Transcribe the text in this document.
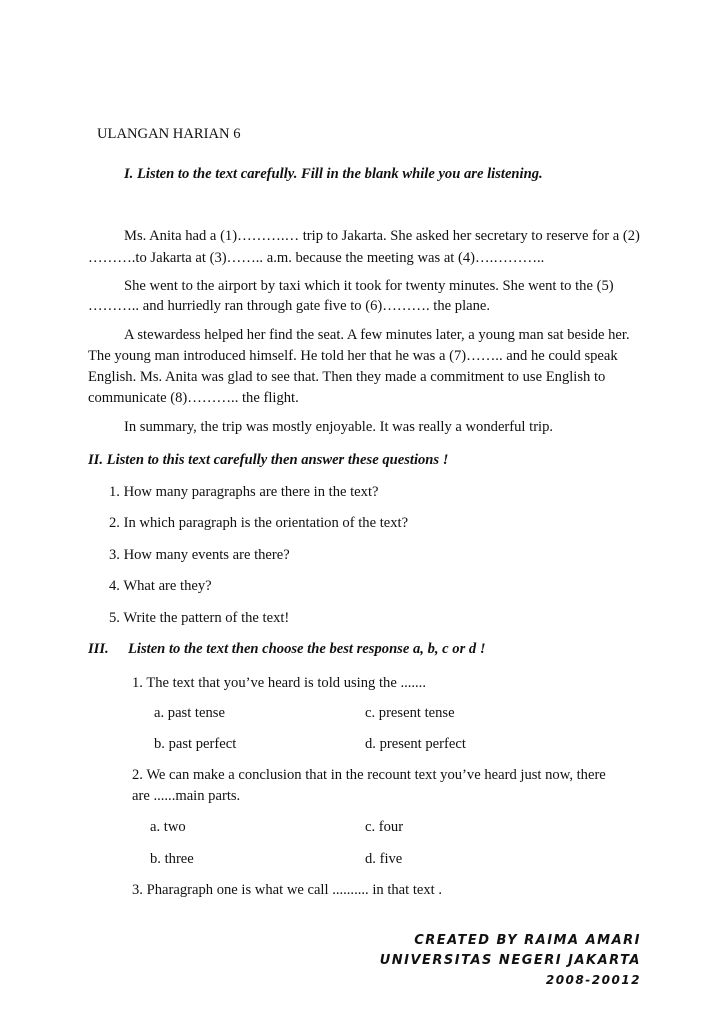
ULANGAN HARIAN 6
I. Listen to the text carefully. Fill in the blank while you are listening.
Ms. Anita had a (1)……….… trip to Jakarta. She asked her secretary to reserve for a (2)
……….to Jakarta at (3)…….. a.m. because the meeting was at (4)….………..
She went to the airport by taxi which it took for twenty minutes. She went to the (5)
……….. and hurriedly ran through gate five to (6)………. the plane.
A stewardess helped her find the seat. A few minutes later, a young man sat beside her.
The young man introduced himself. He told her that he was a (7)…….. and he could speak
English. Ms. Anita was glad to see that. Then they made a commitment to use English to
communicate (8)……….. the flight.
In summary, the trip was mostly enjoyable. It was really a wonderful trip.
II. Listen to this text carefully then answer these questions !
1. How many paragraphs are there in the text?
2. In which paragraph is the orientation of the text?
3. How many events are there?
4. What are they?
5. Write the pattern of the text!
III. Listen to the text then choose the best response a, b, c or d !
1. The text that you’ve heard is told using the .......
a. past tense	c. present tense
b. past perfect	d. present perfect
2. We can make a conclusion that in the recount text you’ve heard just now, there
are ......main parts.
a. two	c. four
b. three	d. five
3. Pharagraph one is what we call .......... in that text .
CREATED BY RAIMA AMARI
UNIVERSITAS NEGERI JAKARTA
2008-20012
